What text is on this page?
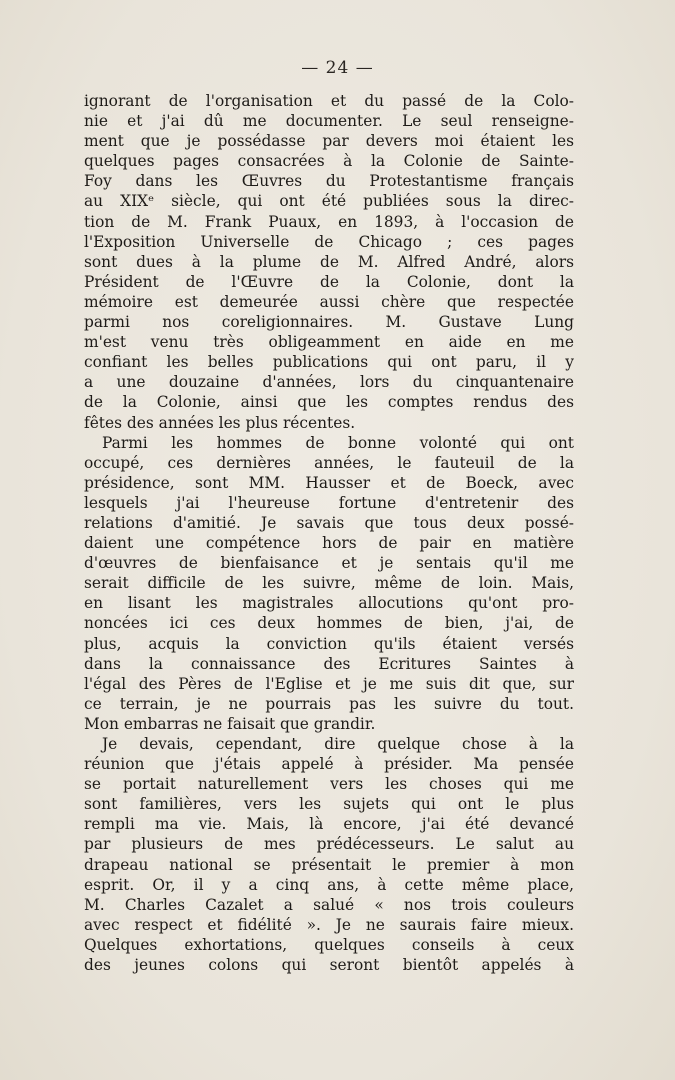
— 24 —
ignorant de l'organisation et du passé de la Colo-
nie et j'ai dû me documenter. Le seul renseigne-
ment que je possédasse par devers moi étaient les
quelques pages consacrées à la Colonie de Sainte-
Foy dans les Œuvres du Protestantisme français
au XIXᵉ siècle, qui ont été publiées sous la direc-
tion de M. Frank Puaux, en 1893, à l'occasion de
l'Exposition Universelle de Chicago ; ces pages
sont dues à la plume de M. Alfred André, alors
Président de l'Œuvre de la Colonie, dont la
mémoire est demeurée aussi chère que respectée
parmi nos coreligionnaires. M. Gustave Lung
m'est venu très obligeamment en aide en me
confiant les belles publications qui ont paru, il y
a une douzaine d'années, lors du cinquantenaire
de la Colonie, ainsi que les comptes rendus des
fêtes des années les plus récentes.
Parmi les hommes de bonne volonté qui ont
occupé, ces dernières années, le fauteuil de la
présidence, sont MM. Hausser et de Boeck, avec
lesquels j'ai l'heureuse fortune d'entretenir des
relations d'amitié. Je savais que tous deux possé-
daient une compétence hors de pair en matière
d'œuvres de bienfaisance et je sentais qu'il me
serait difficile de les suivre, même de loin. Mais,
en lisant les magistrales allocutions qu'ont pro-
noncées ici ces deux hommes de bien, j'ai, de
plus, acquis la conviction qu'ils étaient versés
dans la connaissance des Ecritures Saintes à
l'égal des Pères de l'Eglise et je me suis dit que, sur
ce terrain, je ne pourrais pas les suivre du tout.
Mon embarras ne faisait que grandir.
Je devais, cependant, dire quelque chose à la
réunion que j'étais appelé à présider. Ma pensée
se portait naturellement vers les choses qui me
sont familières, vers les sujets qui ont le plus
rempli ma vie. Mais, là encore, j'ai été devancé
par plusieurs de mes prédécesseurs. Le salut au
drapeau national se présentait le premier à mon
esprit. Or, il y a cinq ans, à cette même place,
M. Charles Cazalet a salué « nos trois couleurs
avec respect et fidélité ». Je ne saurais faire mieux.
Quelques exhortations, quelques conseils à ceux
des jeunes colons qui seront bientôt appelés à
